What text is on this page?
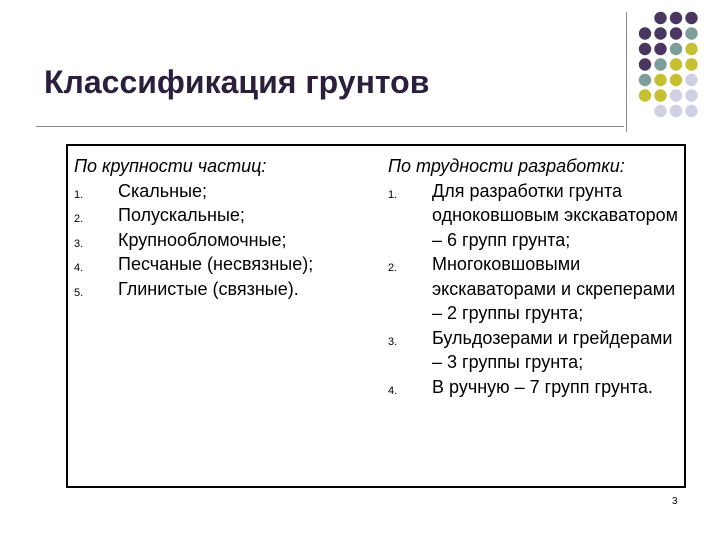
Классификация грунтов
По крупности частиц:
1. Скальные;
2. Полускальные;
3. Крупнообломочные;
4. Песчаные (несвязные);
5. Глинистые (связные).
По трудности разработки:
1. Для разработки грунта одноковшовым экскаватором – 6 групп грунта;
2. Многоковшовыми экскаваторами и скреперами – 2 группы грунта;
3. Бульдозерами и грейдерами – 3 группы грунта;
4. В ручную – 7 групп грунта.
3
